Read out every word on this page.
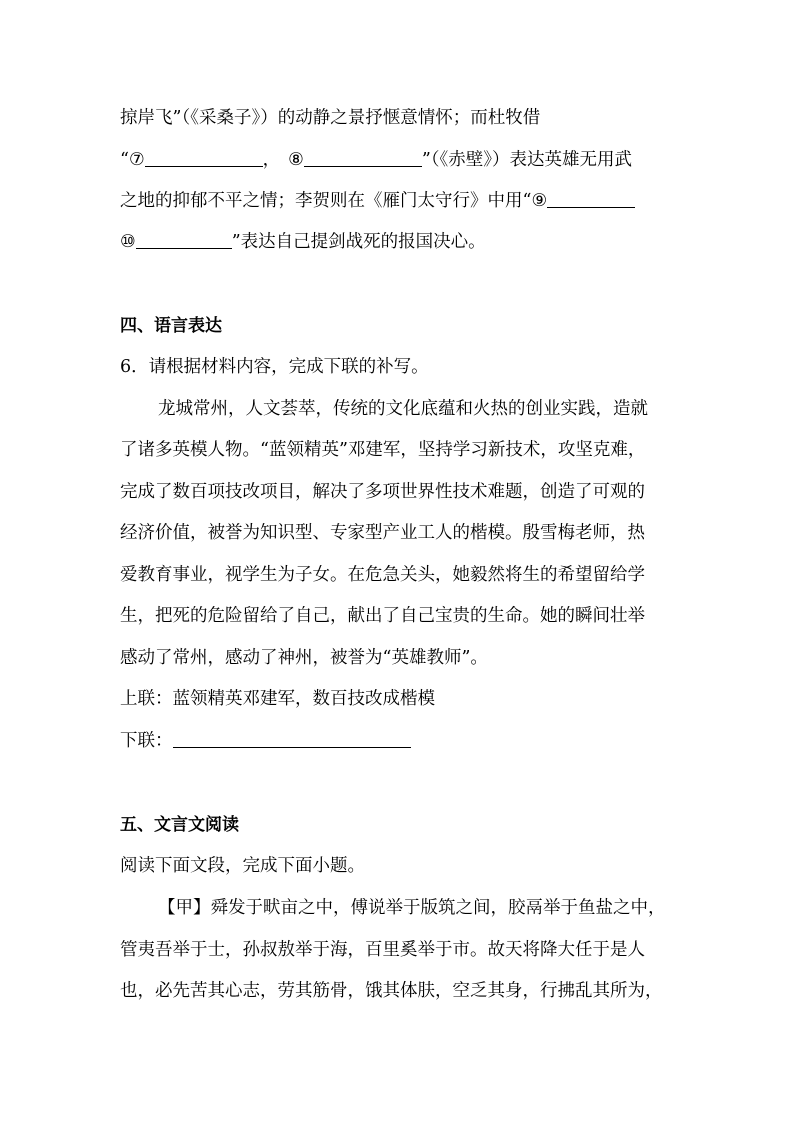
掠岸飞”（《采桑子》）的动静之景抒惬意情怀；而杜牧借
“⑦	， ⑧	”（《赤壁》）表达英雄无用武
之地的抑郁不平之情；李贺则在《雁门太守行》中用“⑨
⑩	”表达自己提剑战死的报国决心。
四、语言表达
6．请根据材料内容，完成下联的补写。
龙城常州，人文荟萃，传统的文化底蕴和火热的创业实践，造就
了诸多英模人物。“蓝领精英”邓建军，坚持学习新技术，攻坚克难，
完成了数百项技改项目，解决了多项世界性技术难题，创造了可观的
经济价值，被誉为知识型、专家型产业工人的楷模。殷雪梅老师，热
爱教育事业，视学生为子女。在危急关头，她毅然将生的希望留给学
生，把死的危险留给了自己，献出了自己宝贵的生命。她的瞬间壮举
感动了常州，感动了神州，被誉为“英雄教师”。
上联：蓝领精英邓建军，数百技改成楷模
下联：
五、文言文阅读
阅读下面文段，完成下面小题。
【甲】舜发于畎亩之中，傅说举于版筑之间，胶鬲举于鱼盐之中，
管夷吾举于士，孙叔敖举于海，百里奚举于市。故天将降大任于是人
也，必先苦其心志，劳其筋骨，饿其体肤，空乏其身，行拂乱其所为，
